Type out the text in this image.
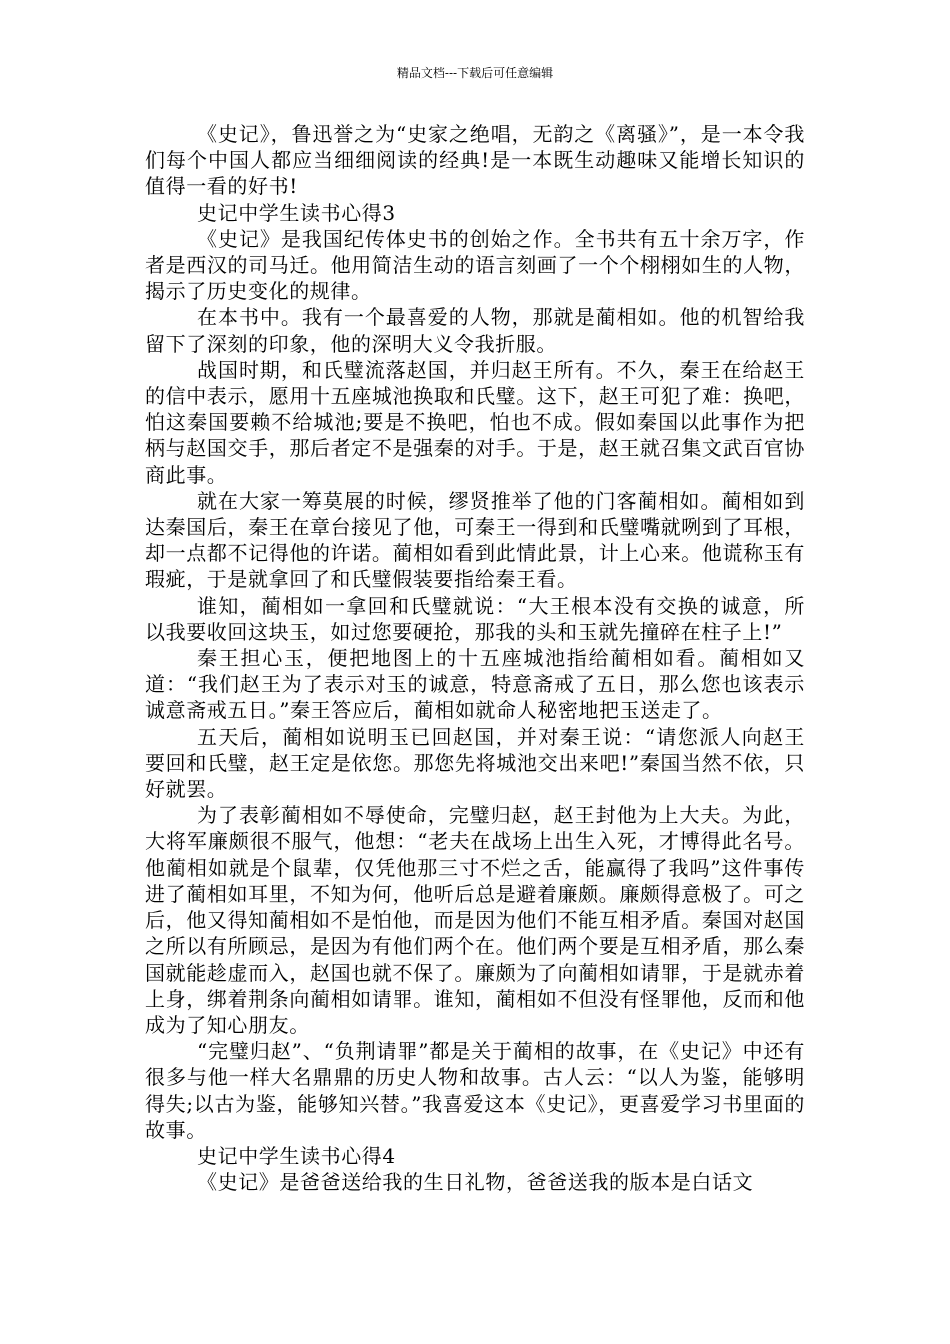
精品文档---下载后可任意编辑

《史记》，鲁迅誉之为“史家之绝唱，无韵之《离骚》”，是一本令我们每个中国人都应当细细阅读的经典!是一本既生动趣味又能增长知识的值得一看的好书!

史记中学生读书心得3

《史记》是我国纪传体史书的创始之作。全书共有五十余万字，作者是西汉的司马迁。他用简洁生动的语言刻画了一个个栩栩如生的人物，揭示了历史变化的规律。

在本书中。我有一个最喜爱的人物，那就是蔺相如。他的机智给我留下了深刻的印象，他的深明大义令我折服。

战国时期，和氏璧流落赵国，并归赵王所有。不久，秦王在给赵王的信中表示，愿用十五座城池换取和氏璧。这下，赵王可犯了难：换吧，怕这秦国要赖不给城池;要是不换吧，怕也不成。假如秦国以此事作为把柄与赵国交手，那后者定不是强秦的对手。于是，赵王就召集文武百官协商此事。

就在大家一筹莫展的时候，缪贤推举了他的门客蔺相如。蔺相如到达秦国后，秦王在章台接见了他，可秦王一得到和氏璧嘴就咧到了耳根，却一点都不记得他的许诺。蔺相如看到此情此景，计上心来。他谎称玉有瑕疵，于是就拿回了和氏璧假装要指给秦王看。

谁知，蔺相如一拿回和氏璧就说：“大王根本没有交换的诚意，所以我要收回这块玉，如过您要硬抢，那我的头和玉就先撞碎在柱子上!”

秦王担心玉，便把地图上的十五座城池指给蔺相如看。蔺相如又道：“我们赵王为了表示对玉的诚意，特意斋戒了五日，那么您也该表示诚意斋戒五日。”秦王答应后，蔺相如就命人秘密地把玉送走了。

五天后，蔺相如说明玉已回赵国，并对秦王说：“请您派人向赵王要回和氏璧，赵王定是依您。那您先将城池交出来吧!”秦国当然不依，只好就罢。

为了表彰蔺相如不辱使命，完璧归赵，赵王封他为上大夫。为此，大将军廉颇很不服气，他想：“老夫在战场上出生入死，才博得此名号。他蔺相如就是个鼠辈，仅凭他那三寸不烂之舌，能赢得了我吗”这件事传进了蔺相如耳里，不知为何，他听后总是避着廉颇。廉颇得意极了。可之后，他又得知蔺相如不是怕他，而是因为他们不能互相矛盾。秦国对赵国之所以有所顾忌，是因为有他们两个在。他们两个要是互相矛盾，那么秦国就能趁虚而入，赵国也就不保了。廉颇为了向蔺相如请罪，于是就赤着上身，绑着荆条向蔺相如请罪。谁知，蔺相如不但没有怪罪他，反而和他成为了知心朋友。

“完璧归赵”、“负荆请罪”都是关于蔺相的故事，在《史记》中还有很多与他一样大名鼎鼎的历史人物和故事。古人云：“以人为鉴，能够明得失;以古为鉴，能够知兴替。”我喜爱这本《史记》，更喜爱学习书里面的故事。

史记中学生读书心得4

《史记》是爸爸送给我的生日礼物，爸爸送我的版本是白话文
